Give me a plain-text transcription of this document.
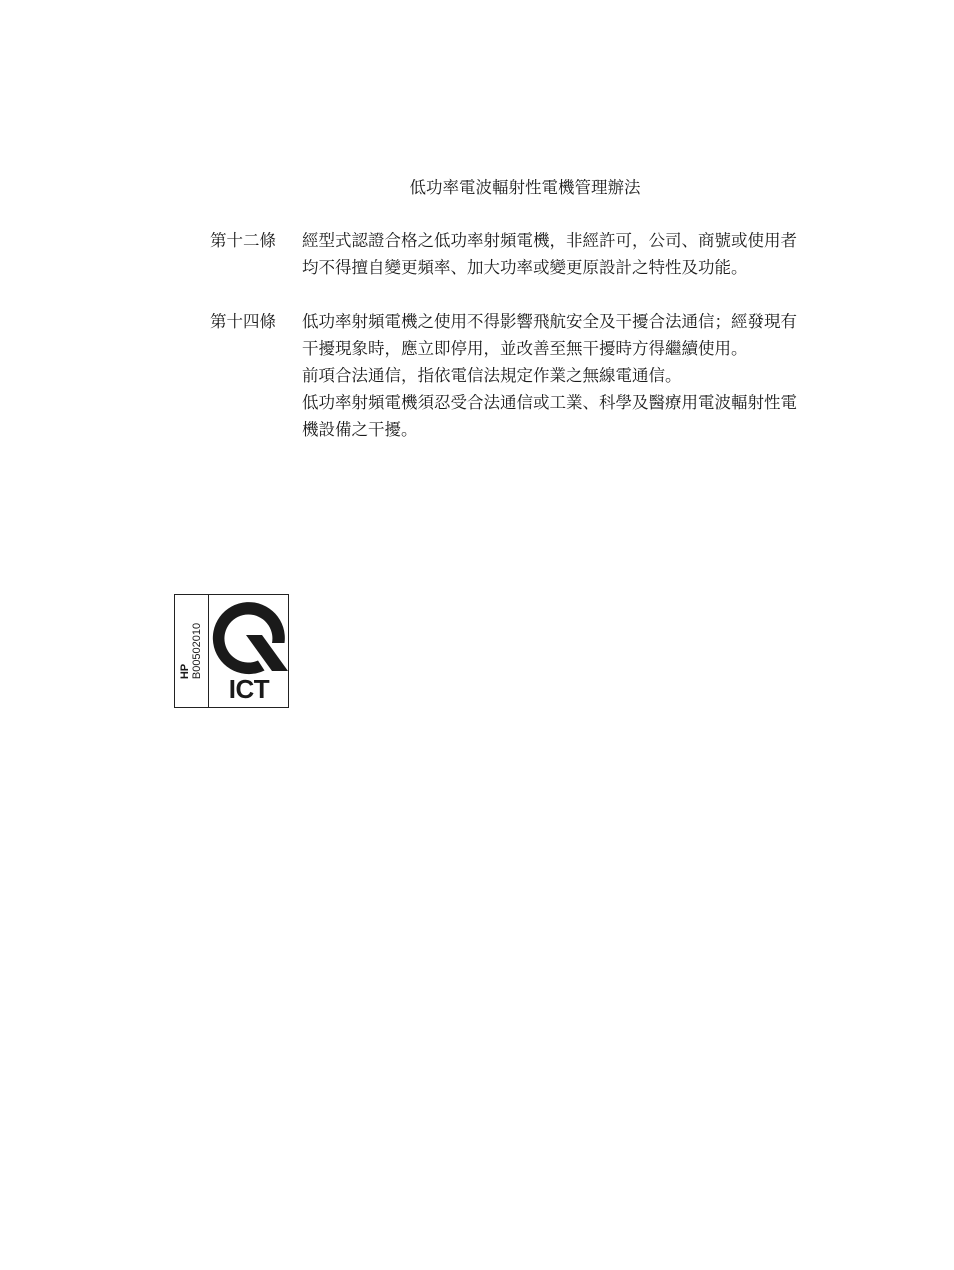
低功率電波輻射性電機管理辦法
第十二條	經型式認證合格之低功率射頻電機，非經許可，公司、商號或使用者
均不得擅自變更頻率、加大功率或變更原設計之特性及功能。
第十四條	低功率射頻電機之使用不得影響飛航安全及干擾合法通信；經發現有
干擾現象時，應立即停用，並改善至無干擾時方得繼續使用。
前項合法通信，指依電信法規定作業之無線電通信。
低功率射頻電機須忍受合法通信或工業、科學及醫療用電波輻射性電
機設備之干擾。
HP B00502010
ICT
